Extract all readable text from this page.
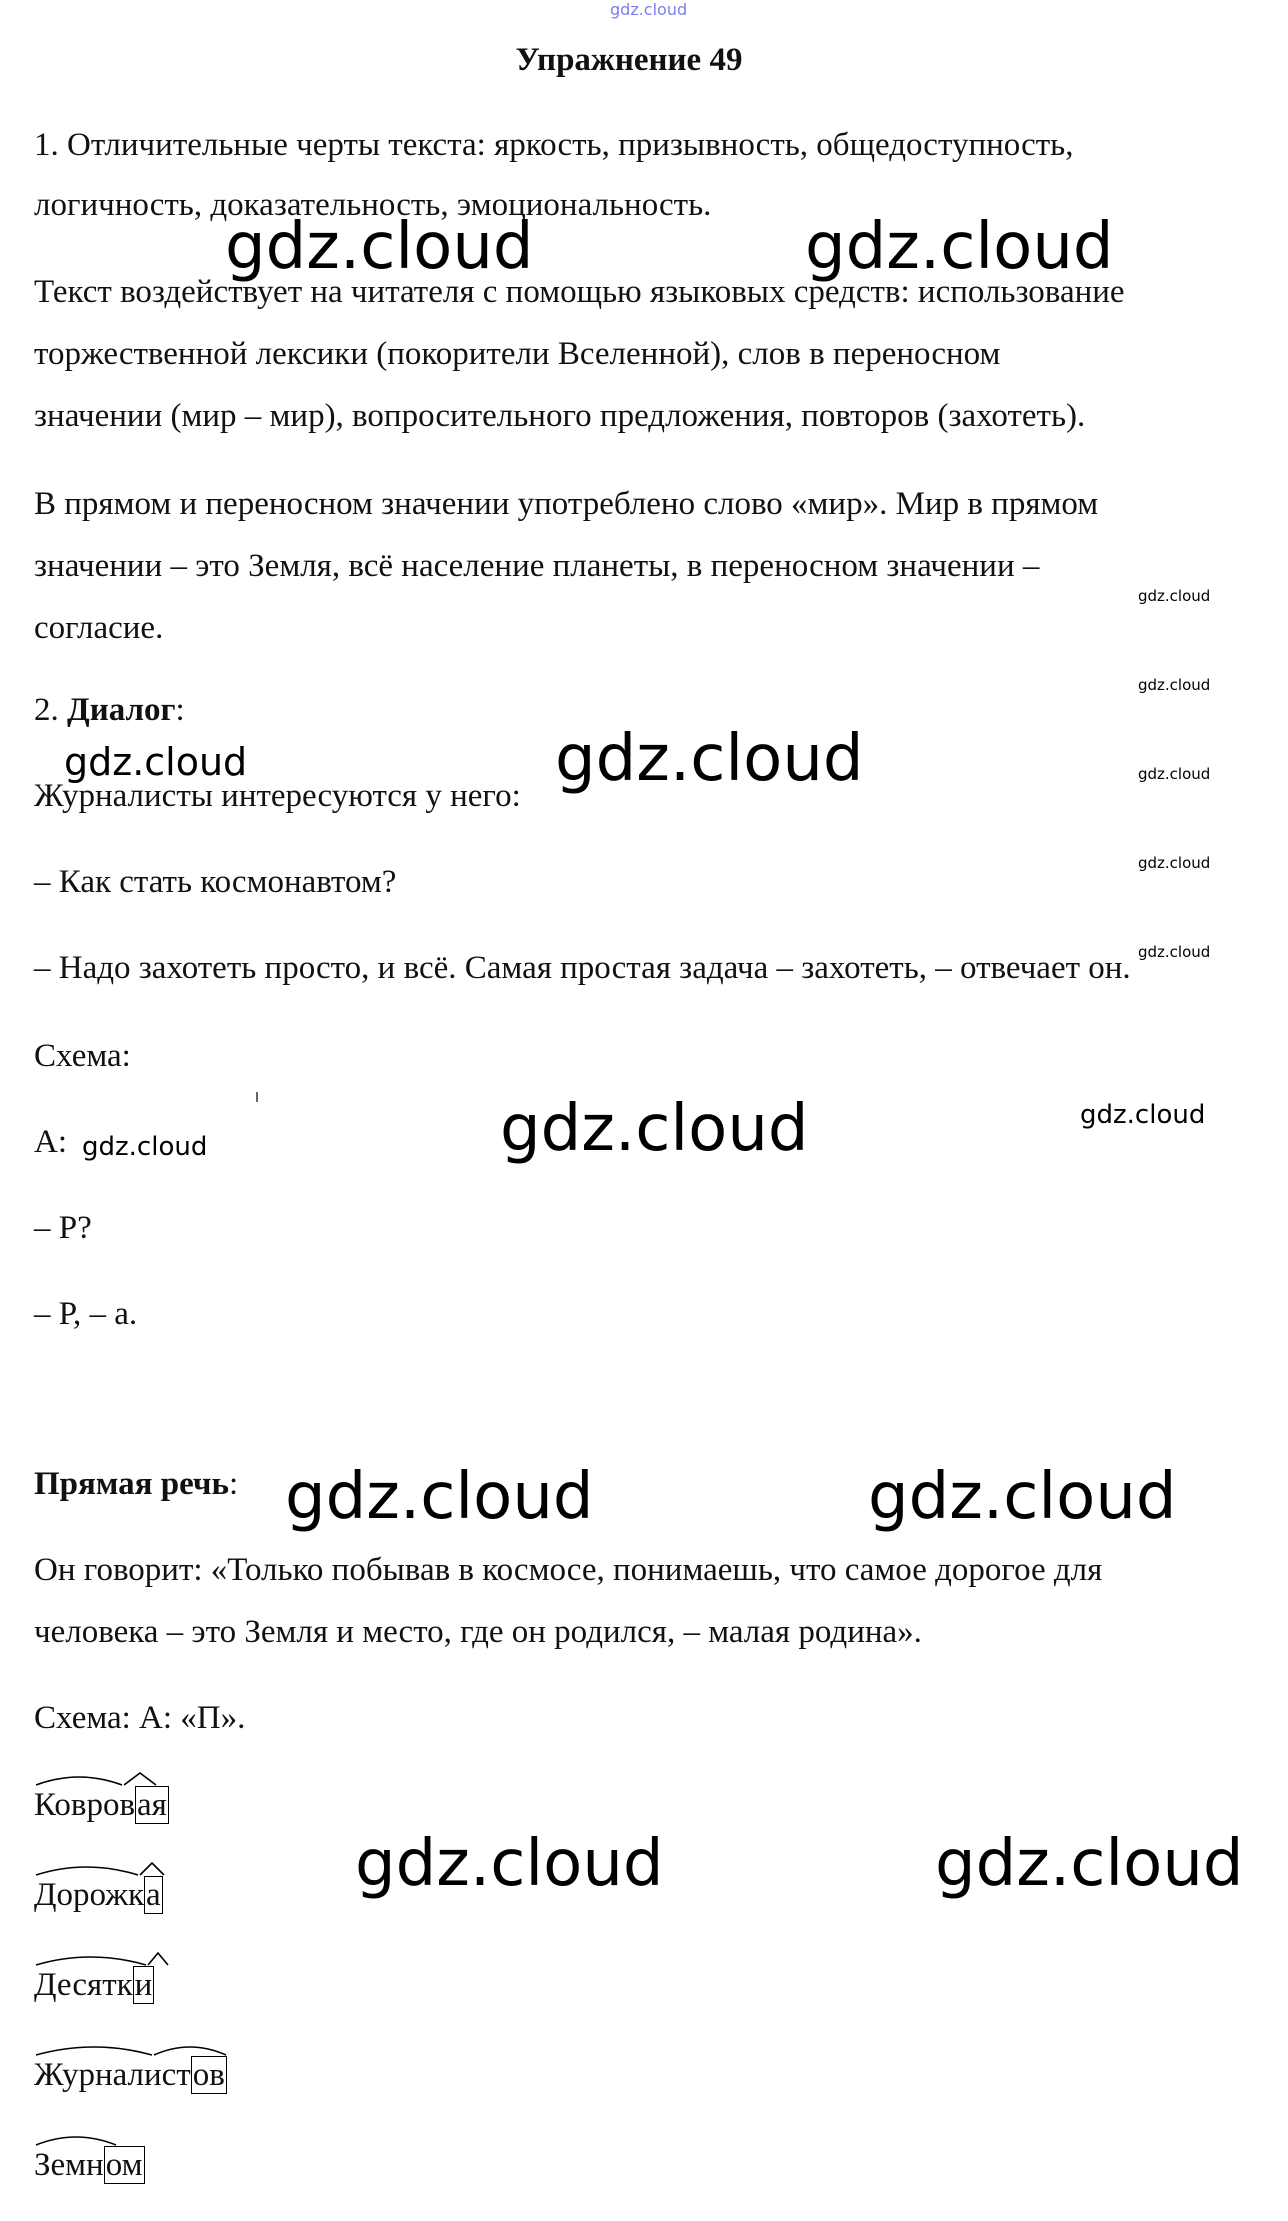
gdz.cloud
Упражнение 49

1. Отличительные черты текста: яркость, призывность, общедоступность,

логичность, доказательность, эмоциональность.

Текст воздействует на читателя с помощью языковых средств: использование

торжественной лексики (покорители Вселенной), слов в переносном

значении (мир – мир), вопросительного предложения, повторов (захотеть).

В прямом и переносном значении употреблено слово «мир». Мир в прямом

значении – это Земля, всё население планеты, в переносном значении –

согласие.

2. Диалог:

Журналисты интересуются у него:

– Как стать космонавтом?

– Надо захотеть просто, и всё. Самая простая задача – захотеть, – отвечает он.

Схема:

А:

– Р?

– Р, – а.

Прямая речь:

Он говорит: «Только побывав в космосе, понимаешь, что самое дорогое для

человека – это Земля и место, где он родился, – малая родина».

Схема: А: «П».

Ковровая
Дорожка
Десятки
Журналистов
Земном
gdz.cloud	gdz.cloud
gdz.cloud	gdz.cloud
gdz.cloud	gdz.cloud
gdz.cloud
gdz.cloud	gdz.cloud
gdz.cloud	gdz.cloud
gdz.cloud
gdz.cloud
gdz.cloud
gdz.cloud
gdz.cloud
